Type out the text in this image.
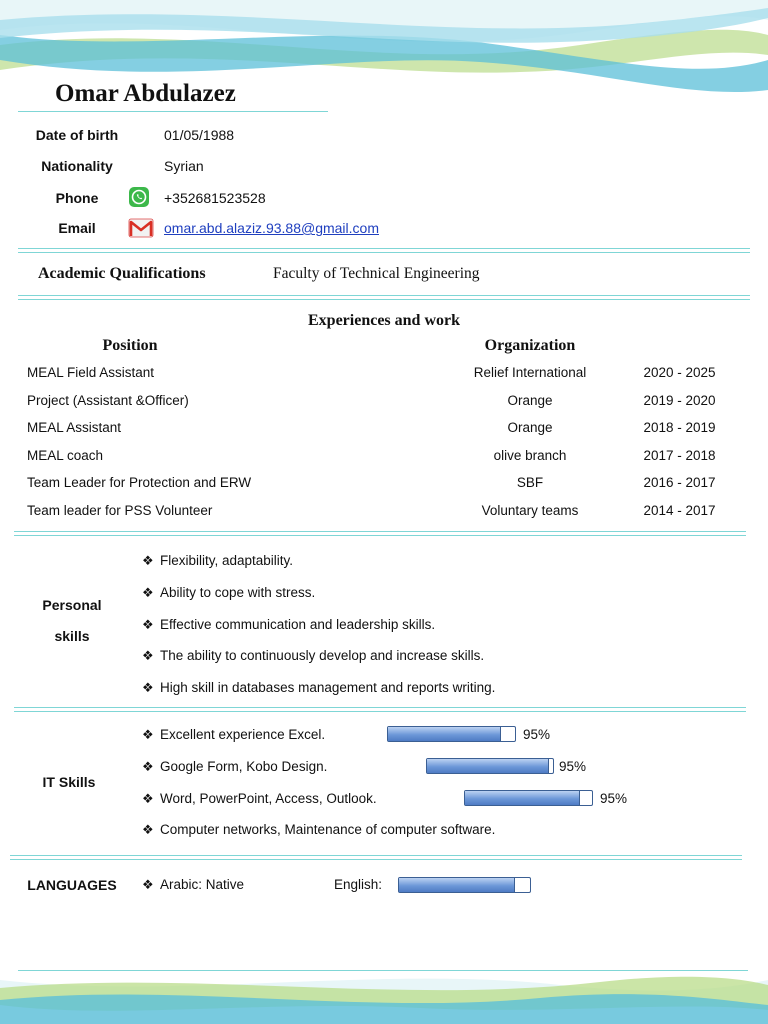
Omar Abdulazez
Date of birth	01/05/1988
Nationality	Syrian
Phone	+352681523528
Email	omar.abd.alaziz.93.88@gmail.com
Academic Qualifications	Faculty of Technical Engineering
Experiences and work
Position	Organization
MEAL Field Assistant	Relief International	2020 - 2025
Project (Assistant &Officer)	Orange	2019 - 2020
MEAL Assistant	Orange	2018 - 2019
MEAL coach	olive branch	2017 - 2018
Team Leader for Protection and ERW	SBF	2016 - 2017
Team leader for PSS Volunteer	Voluntary teams	2014 - 2017
Personal
skills
❖ Flexibility, adaptability.
❖ Ability to cope with stress.
❖ Effective communication and leadership skills.
❖ The ability to continuously develop and increase skills.
❖ High skill in databases management and reports writing.
IT Skills
❖ Excellent experience Excel.	95%
❖ Google Form, Kobo Design.	95%
❖ Word, PowerPoint, Access, Outlook.	95%
❖ Computer networks, Maintenance of computer software.
LANGUAGES	❖ Arabic: Native	English:
